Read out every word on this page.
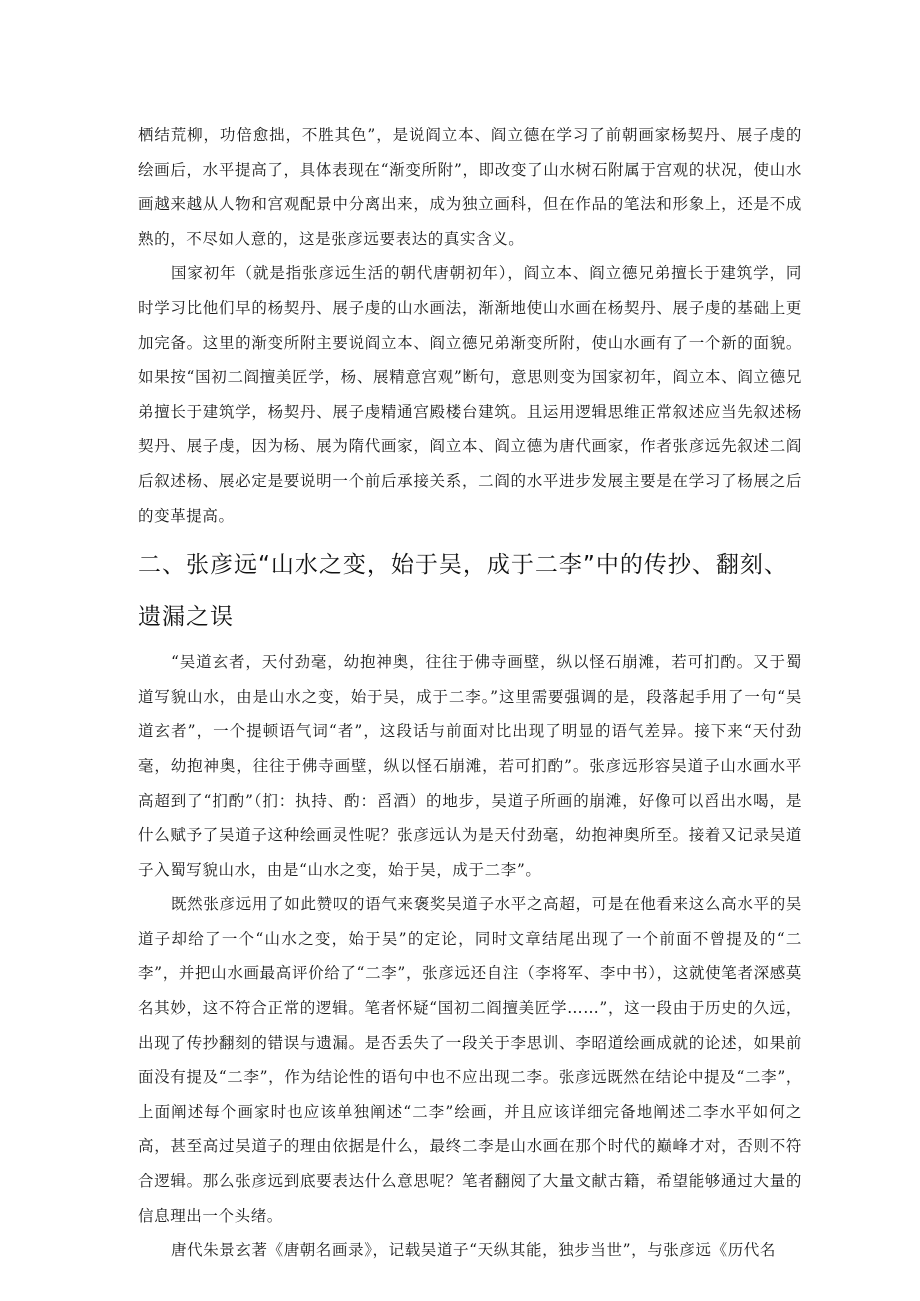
栖结荒柳，功倍愈拙，不胜其色”，是说阎立本、阎立德在学习了前朝画家杨契丹、展子虔的绘画后，水平提高了，具体表现在“渐变所附”，即改变了山水树石附属于宫观的状况，使山水画越来越从人物和宫观配景中分离出来，成为独立画科，但在作品的笔法和形象上，还是不成熟的，不尽如人意的，这是张彦远要表达的真实含义。

国家初年（就是指张彦远生活的朝代唐朝初年），阎立本、阎立德兄弟擅长于建筑学，同时学习比他们早的杨契丹、展子虔的山水画法，渐渐地使山水画在杨契丹、展子虔的基础上更加完备。这里的渐变所附主要说阎立本、阎立德兄弟渐变所附，使山水画有了一个新的面貌。如果按“国初二阎擅美匠学，杨、展精意宫观”断句，意思则变为国家初年，阎立本、阎立德兄弟擅长于建筑学，杨契丹、展子虔精通宫殿楼台建筑。且运用逻辑思维正常叙述应当先叙述杨契丹、展子虔，因为杨、展为隋代画家，阎立本、阎立德为唐代画家，作者张彦远先叙述二阎后叙述杨、展必定是要说明一个前后承接关系，二阎的水平进步发展主要是在学习了杨展之后的变革提高。

二、张彦远“山水之变，始于吴，成于二李”中的传抄、翻刻、遗漏之误

“吴道玄者，天付劲毫，幼抱神奥，往往于佛寺画壁，纵以怪石崩滩，若可扪酌。又于蜀道写貌山水，由是山水之变，始于吴，成于二李。”这里需要强调的是，段落起手用了一句“吴道玄者”，一个提顿语气词“者”，这段话与前面对比出现了明显的语气差异。接下来“天付劲毫，幼抱神奥，往往于佛寺画壁，纵以怪石崩滩，若可扪酌”。张彦远形容吴道子山水画水平高超到了“扪酌”（扪：执持、酌：舀酒）的地步，吴道子所画的崩滩，好像可以舀出水喝，是什么赋予了吴道子这种绘画灵性呢？张彦远认为是天付劲毫，幼抱神奥所至。接着又记录吴道子入蜀写貌山水，由是“山水之变，始于吴，成于二李”。

既然张彦远用了如此赞叹的语气来褒奖吴道子水平之高超，可是在他看来这么高水平的吴道子却给了一个“山水之变，始于吴”的定论，同时文章结尾出现了一个前面不曾提及的“二李”，并把山水画最高评价给了“二李”，张彦远还自注（李将军、李中书），这就使笔者深感莫名其妙，这不符合正常的逻辑。笔者怀疑“国初二阎擅美匠学……”，这一段由于历史的久远，出现了传抄翻刻的错误与遗漏。是否丢失了一段关于李思训、李昭道绘画成就的论述，如果前面没有提及“二李”，作为结论性的语句中也不应出现二李。张彦远既然在结论中提及“二李”，上面阐述每个画家时也应该单独阐述“二李”绘画，并且应该详细完备地阐述二李水平如何之高，甚至高过吴道子的理由依据是什么，最终二李是山水画在那个时代的巅峰才对，否则不符合逻辑。那么张彦远到底要表达什么意思呢？笔者翻阅了大量文献古籍，希望能够通过大量的信息理出一个头绪。

唐代朱景玄著《唐朝名画录》，记载吴道子“天纵其能，独步当世”，与张彦远《历代名
